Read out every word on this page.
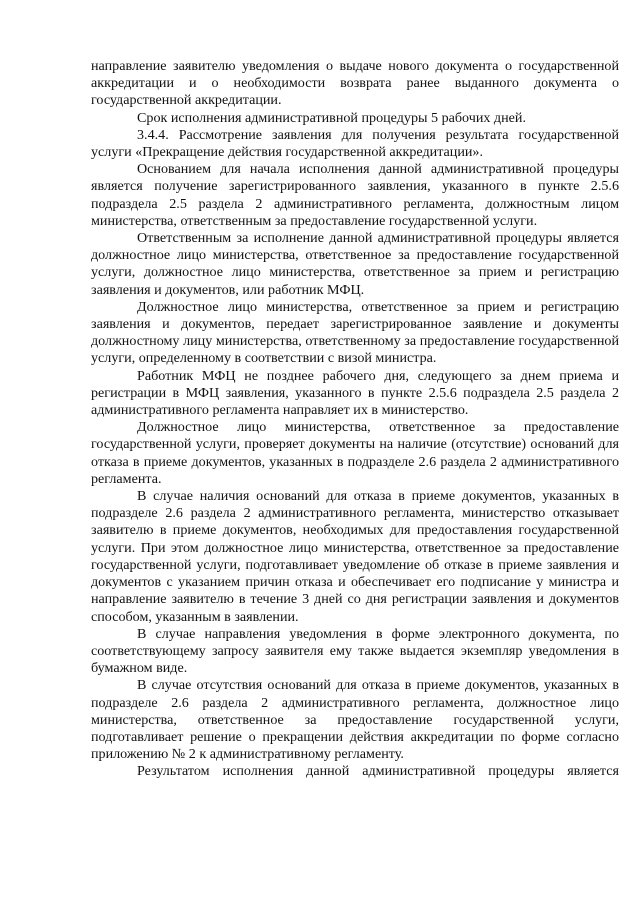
направление заявителю уведомления о выдаче нового документа о государственной аккредитации и о необходимости возврата ранее выданного документа о государственной аккредитации.

Срок исполнения административной процедуры 5 рабочих дней.

3.4.4. Рассмотрение заявления для получения результата государственной услуги «Прекращение действия государственной аккредитации».

Основанием для начала исполнения данной административной процедуры является получение зарегистрированного заявления, указанного в пункте 2.5.6 подраздела 2.5 раздела 2 административного регламента, должностным лицом министерства, ответственным за предоставление государственной услуги.

Ответственным за исполнение данной административной процедуры является должностное лицо министерства, ответственное за предоставление государственной услуги, должностное лицо министерства, ответственное за прием и регистрацию заявления и документов, или работник МФЦ.

Должностное лицо министерства, ответственное за прием и регистрацию заявления и документов, передает зарегистрированное заявление и документы должностному лицу министерства, ответственному за предоставление государственной услуги, определенному в соответствии с визой министра.

Работник МФЦ не позднее рабочего дня, следующего за днем приема и регистрации в МФЦ заявления, указанного в пункте 2.5.6 подраздела 2.5 раздела 2 административного регламента направляет их в министерство.

Должностное лицо министерства, ответственное за предоставление государственной услуги, проверяет документы на наличие (отсутствие) оснований для отказа в приеме документов, указанных в подразделе 2.6 раздела 2 административного регламента.

В случае наличия оснований для отказа в приеме документов, указанных в подразделе 2.6 раздела 2 административного регламента, министерство отказывает заявителю в приеме документов, необходимых для предоставления государственной услуги. При этом должностное лицо министерства, ответственное за предоставление государственной услуги, подготавливает уведомление об отказе в приеме заявления и документов с указанием причин отказа и обеспечивает его подписание у министра и направление заявителю в течение 3 дней со дня регистрации заявления и документов способом, указанным в заявлении.

В случае направления уведомления в форме электронного документа, по соответствующему запросу заявителя ему также выдается экземпляр уведомления в бумажном виде.

В случае отсутствия оснований для отказа в приеме документов, указанных в подразделе 2.6 раздела 2 административного регламента, должностное лицо министерства, ответственное за предоставление государственной услуги, подготавливает решение о прекращении действия аккредитации по форме согласно приложению № 2 к административному регламенту.

Результатом исполнения данной административной процедуры является
